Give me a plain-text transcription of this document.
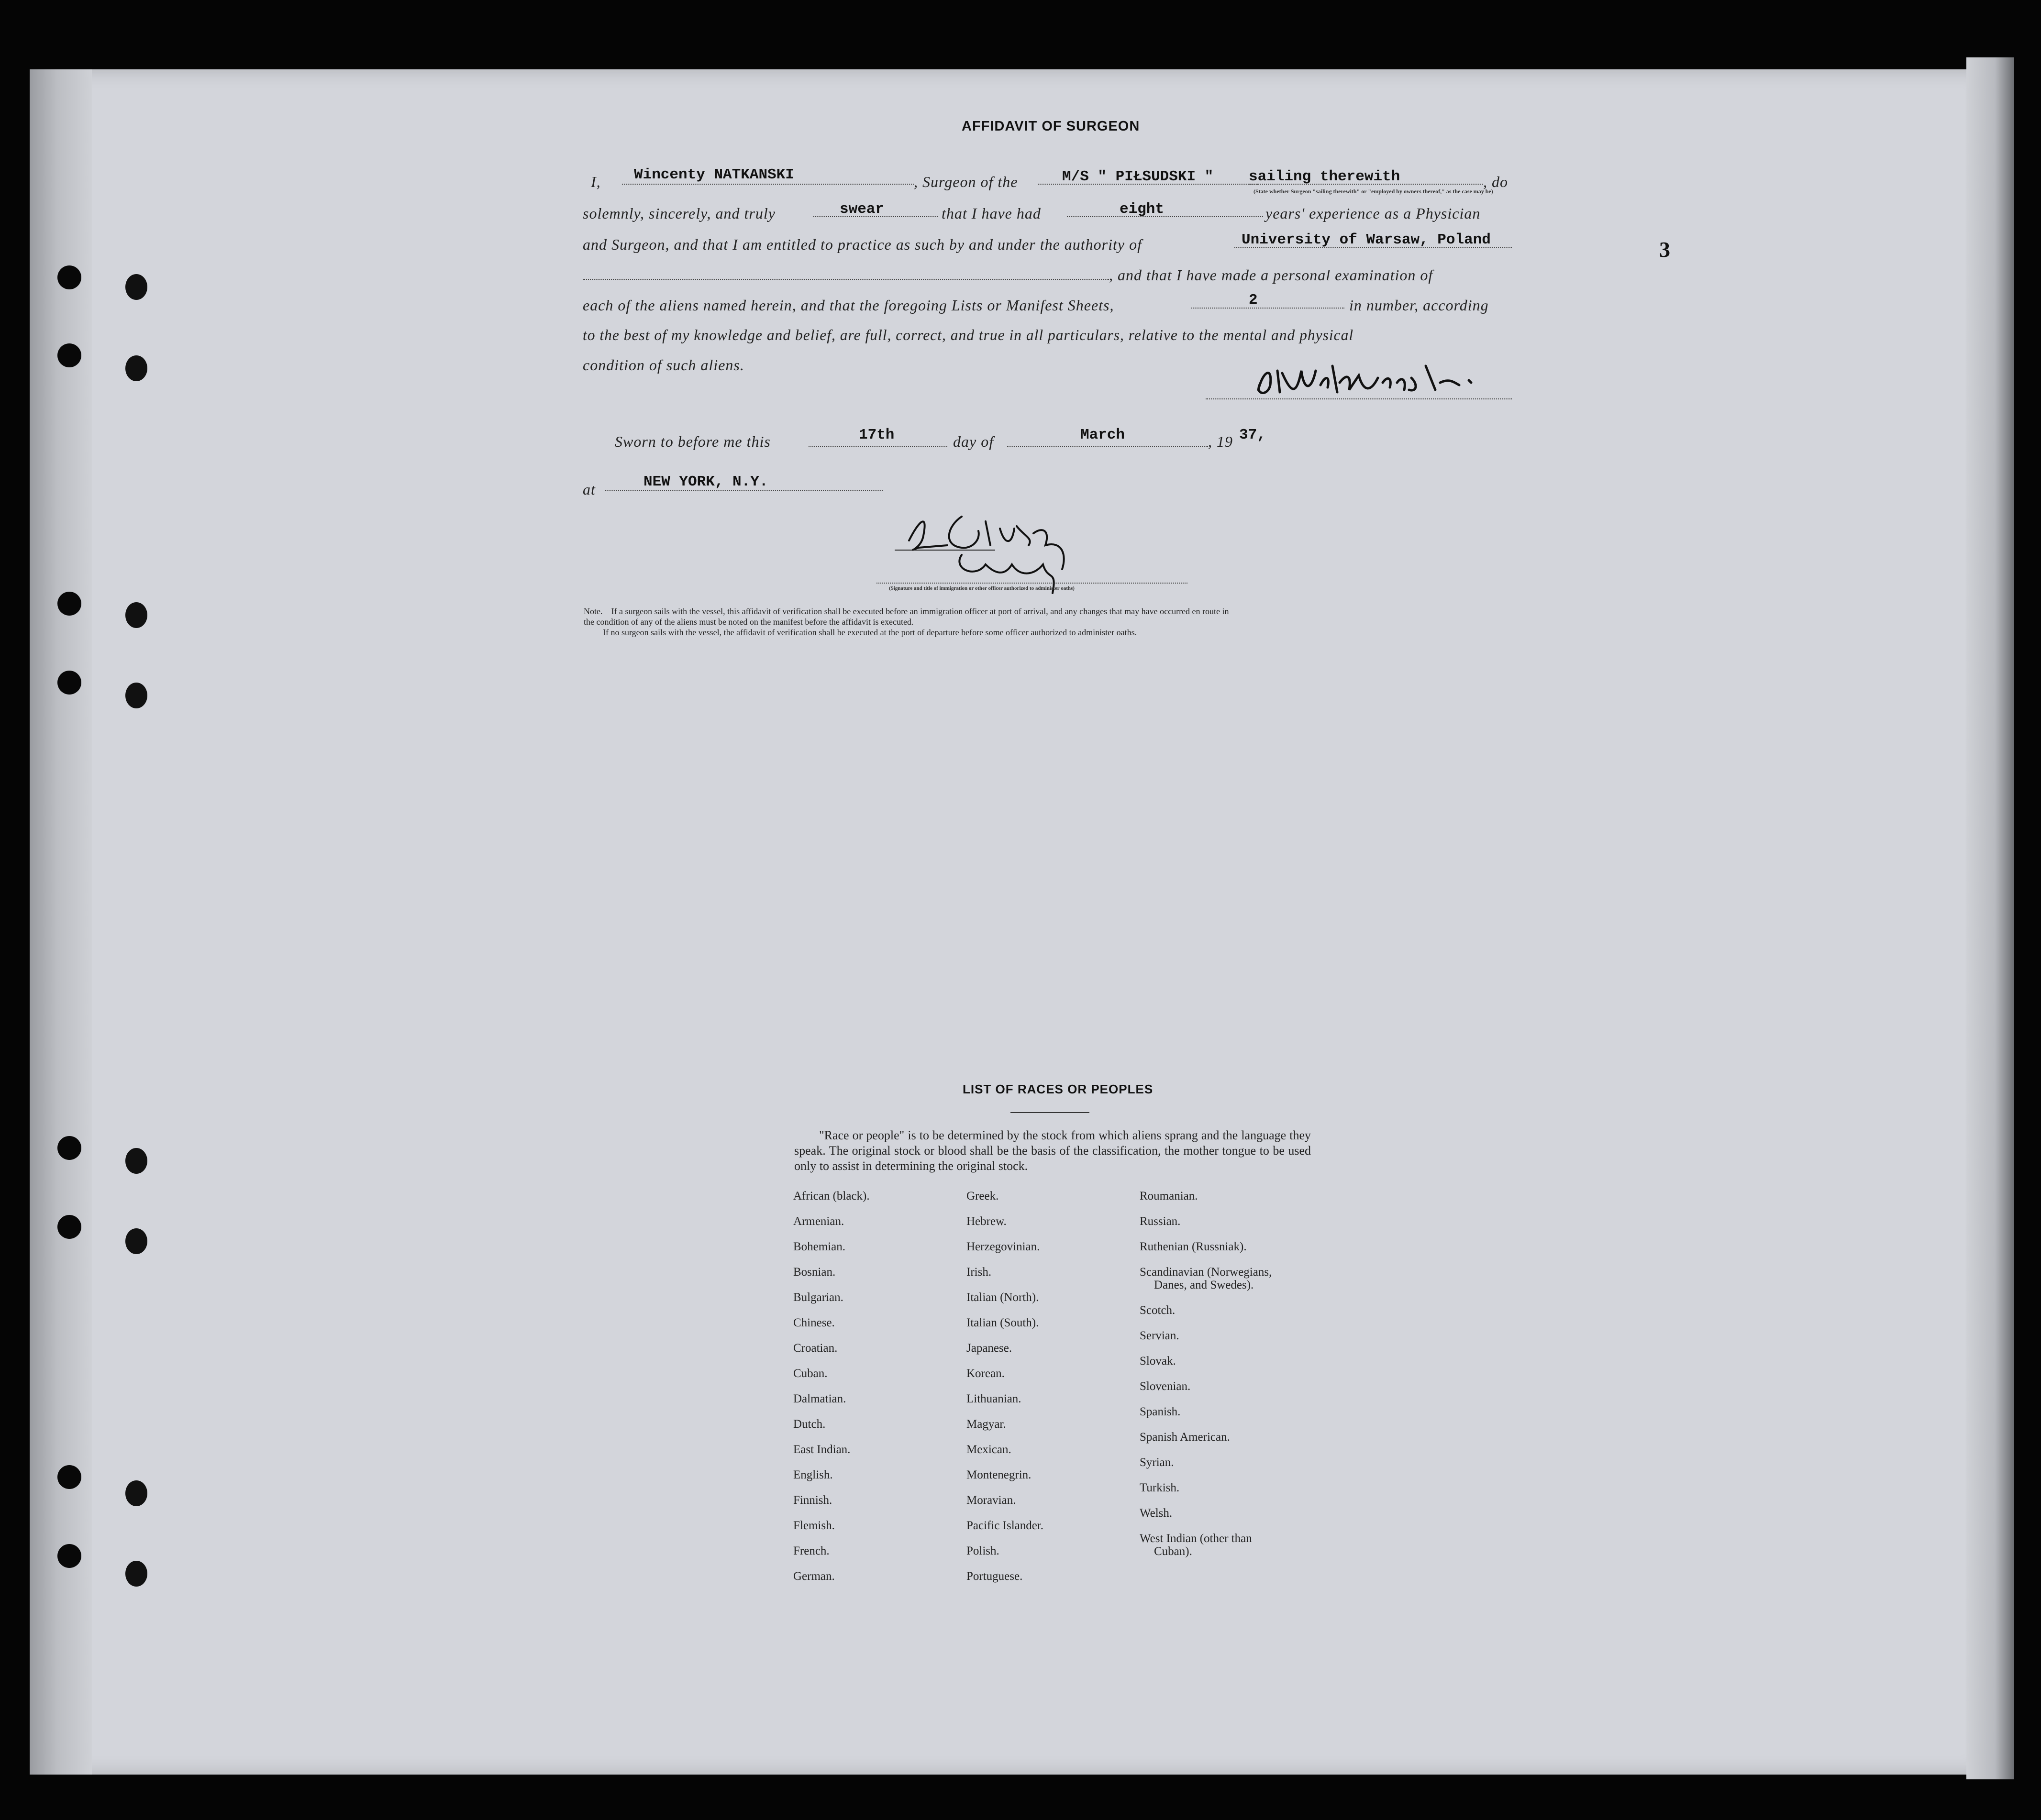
3
AFFIDAVIT OF SURGEON
I, Wincenty NATKANSKI	, Surgeon of the	M/S " PIŁSUDSKI " sailing therewith	, do
(State whether Surgeon "sailing therewith" or "employed by owners thereof," as the case may be)
solemnly, sincerely, and truly	swear	that I have had	eight	years' experience as a Physician
and Surgeon, and that I am entitled to practice as such by and under the authority of	University of Warsaw, Poland
, and that I have made a personal examination of
each of the aliens named herein, and that the foregoing Lists or Manifest Sheets,	2	in number, according
to the best of my knowledge and belief, are full, correct, and true in all particulars, relative to the mental and physical
condition of such aliens.
Sworn to before me this	17th	day of	March	, 19 37,
at	NEW YORK, N.Y.
(Signature and title of immigration or other officer authorized to administer oaths)
Note.—If a surgeon sails with the vessel, this affidavit of verification shall be executed before an immigration officer at port of arrival, and any changes that may have occurred en route in
the condition of any of the aliens must be noted on the manifest before the affidavit is executed.
If no surgeon sails with the vessel, the affidavit of verification shall be executed at the port of departure before some officer authorized to administer oaths.
LIST OF RACES OR PEOPLES
"Race or people" is to be determined by the stock from which aliens sprang and the language they speak. The original stock or blood shall be the basis of the classification, the mother tongue to be used only to assist in determining the original stock.
African (black).
Armenian.
Bohemian.
Bosnian.
Bulgarian.
Chinese.
Croatian.
Cuban.
Dalmatian.
Dutch.
East Indian.
English.
Finnish.
Flemish.
French.
German.
Greek.
Hebrew.
Herzegovinian.
Irish.
Italian (North).
Italian (South).
Japanese.
Korean.
Lithuanian.
Magyar.
Mexican.
Montenegrin.
Moravian.
Pacific Islander.
Polish.
Portuguese.
Roumanian.
Russian.
Ruthenian (Russniak).
Scandinavian (Norwegians,
Danes, and Swedes).
Scotch.
Servian.
Slovak.
Slovenian.
Spanish.
Spanish American.
Syrian.
Turkish.
Welsh.
West Indian (other than
Cuban).
